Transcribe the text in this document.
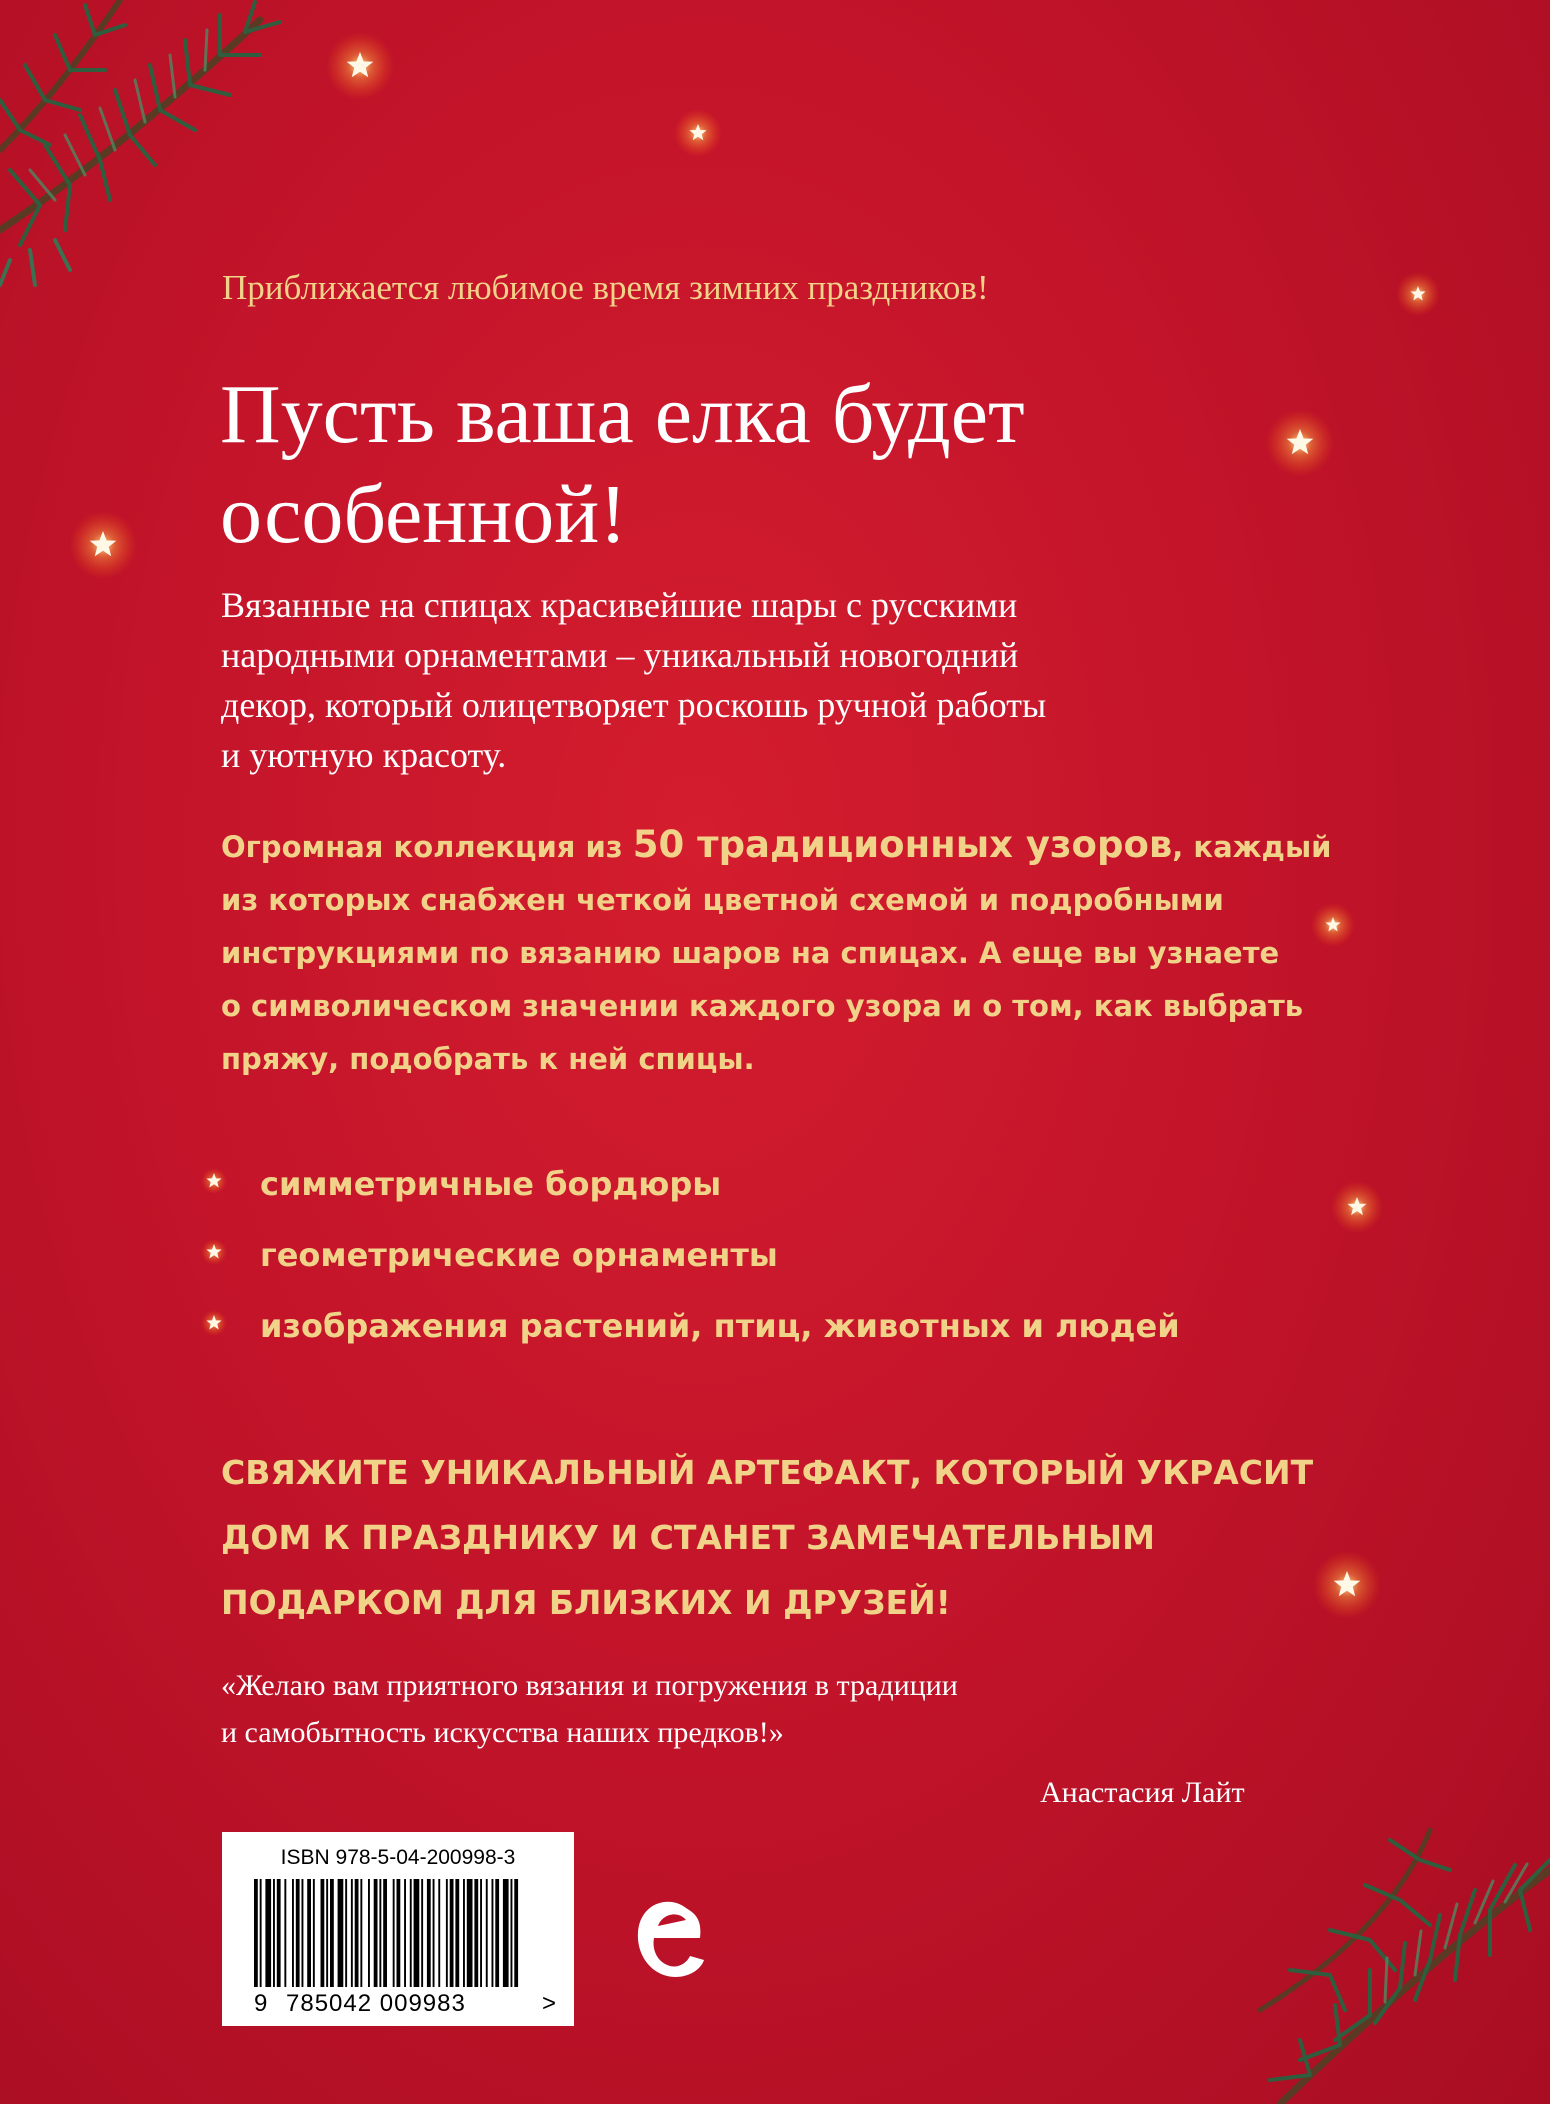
Приближается любимое время зимних праздников!
Пусть ваша елка будет
особенной!
Вязанные на спицах красивейшие шары с русскими
народными орнаментами – уникальный новогодний
декор, который олицетворяет роскошь ручной работы
и уютную красоту.
Огромная коллекция из 50 традиционных узоров, каждый
из которых снабжен четкой цветной схемой и подробными
инструкциями по вязанию шаров на спицах. А еще вы узнаете
о символическом значении каждого узора и о том, как выбрать
пряжу, подобрать к ней спицы.
симметричные бордюры
геометрические орнаменты
изображения растений, птиц, животных и людей
СВЯЖИТЕ УНИКАЛЬНЫЙ АРТЕФАКТ, КОТОРЫЙ УКРАСИТ
ДОМ К ПРАЗДНИКУ И СТАНЕТ ЗАМЕЧАТЕЛЬНЫМ
ПОДАРКОМ ДЛЯ БЛИЗКИХ И ДРУЗЕЙ!
«Желаю вам приятного вязания и погружения в традиции
и самобытность искусства наших предков!»
Анастасия Лайт
ISBN 978-5-04-200998-3
9 785042 009983	>
